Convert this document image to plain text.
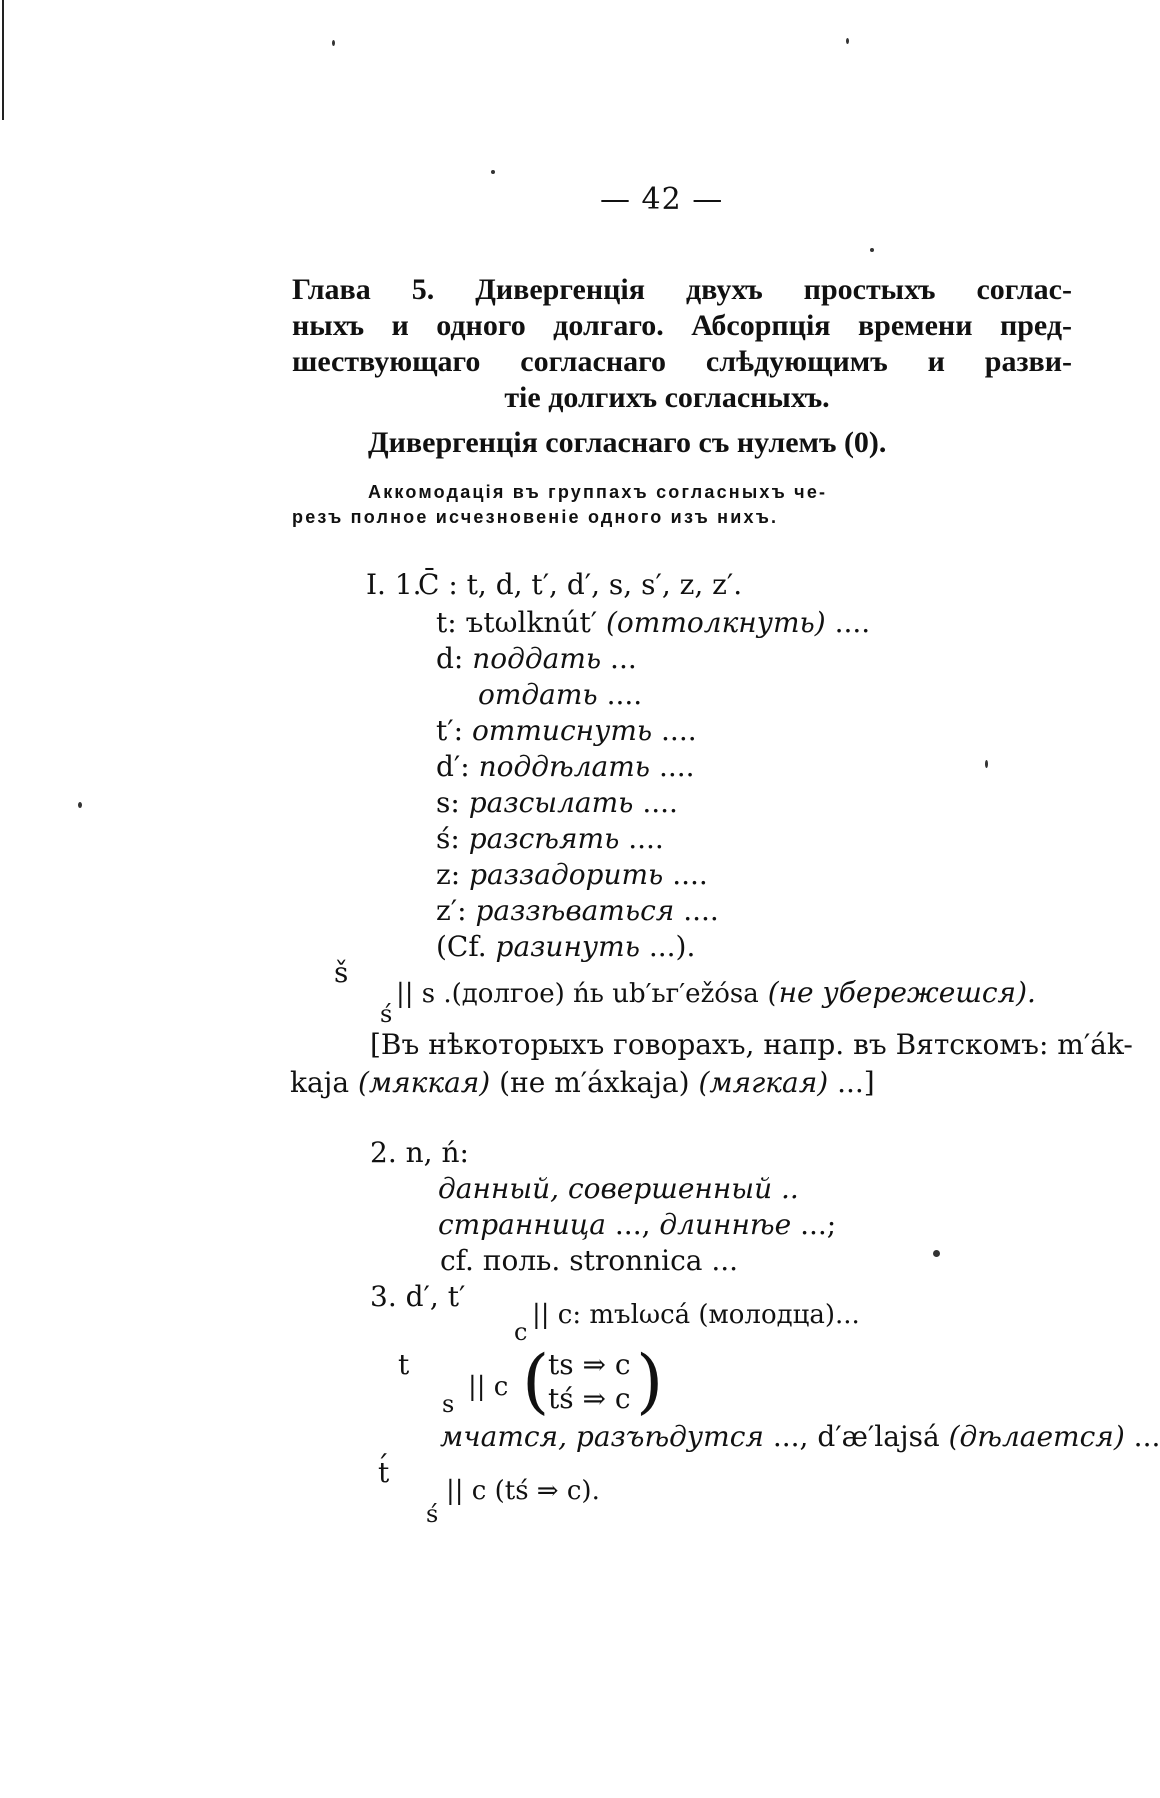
— 42 —

Глава 5. Дивергенція двухъ простыхъ соглас-
ныхъ и одного долгаго. Абсорпція времени пред-
шествующаго согласнаго слѣдующимъ и разви-
тіе долгихъ согласныхъ.

Дивергенція согласнаго съ нулемъ (0).
Аккомодація въ группахъ согласныхъ че-
резъ полное исчезновеніе одного изъ нихъ.
I. 1.
C̄ : t, d, t′, d′, s, s′, z, z′.
t: ъtωlknút′ (оттолкнуть) ....
d: поддать ...
отдать ....
t′: оттиснуть ....
d′: поддѣлать ....
s: разсылать ....
ś: разсѣять ....
z: раззадорить ....
z′: раззѣваться ....
(Cf. разинуть ...).
š
ś
|| s .(долгое) ńь ub′ьг′ežósa (не убережешся).
[Въ нѣкоторыхъ говорахъ, напр. въ Вятскомъ: m′ák-
kaja (мяккая) (не m′áxkaja) (мягкая) ...]
2. n, ń:
данный, совершенный ..
странница ..., длиннѣе ...;
cf. поль. stronnica ...
3. d′, t′
c
|| c: mъlωcá (молодца)...
t
s
|| c (
ts ⇒ c
tś ⇒ c )
мчатся, разъѣдутся ..., d′æ′lajsá (дѣлается) ...
t́
ś
|| c (tś ⇒ c).
